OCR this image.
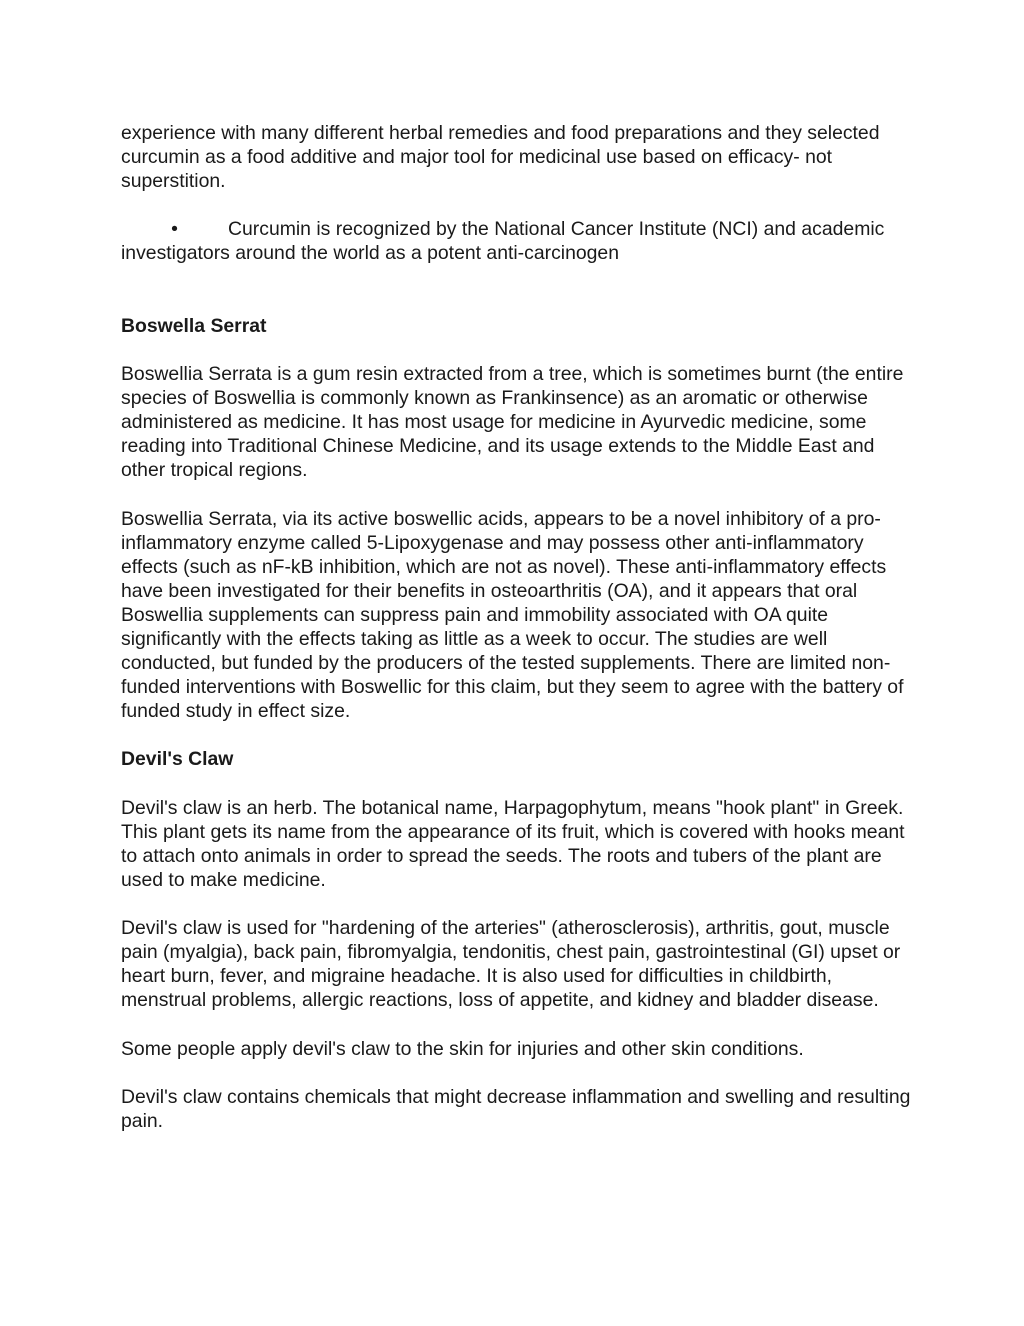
experience with many different herbal remedies and food preparations and they selected curcumin as a food additive and major tool for medicinal use based on efficacy- not superstition.

•	Curcumin is recognized by the National Cancer Institute (NCI) and academic investigators around the world as a potent anti-carcinogen

Boswella Serrat

Boswellia Serrata is a gum resin extracted from a tree, which is sometimes burnt (the entire species of Boswellia is commonly known as Frankinsence) as an aromatic or otherwise administered as medicine. It has most usage for medicine in Ayurvedic medicine, some reading into Traditional Chinese Medicine, and its usage extends to the Middle East and other tropical regions.

Boswellia Serrata, via its active boswellic acids, appears to be a novel inhibitory of a pro-inflammatory enzyme called 5-Lipoxygenase and may possess other anti-inflammatory effects (such as nF-kB inhibition, which are not as novel). These anti-inflammatory effects have been investigated for their benefits in osteoarthritis (OA), and it appears that oral Boswellia supplements can suppress pain and immobility associated with OA quite significantly with the effects taking as little as a week to occur. The studies are well conducted, but funded by the producers of the tested supplements. There are limited non-funded interventions with Boswellic for this claim, but they seem to agree with the battery of funded study in effect size.

Devil's Claw

Devil's claw is an herb. The botanical name, Harpagophytum, means "hook plant" in Greek. This plant gets its name from the appearance of its fruit, which is covered with hooks meant to attach onto animals in order to spread the seeds. The roots and tubers of the plant are used to make medicine.

Devil's claw is used for "hardening of the arteries" (atherosclerosis), arthritis, gout, muscle pain (myalgia), back pain, fibromyalgia, tendonitis, chest pain, gastrointestinal (GI) upset or heart burn, fever, and migraine headache. It is also used for difficulties in childbirth, menstrual problems, allergic reactions, loss of appetite, and kidney and bladder disease.

Some people apply devil's claw to the skin for injuries and other skin conditions.

Devil's claw contains chemicals that might decrease inflammation and swelling and resulting pain.
